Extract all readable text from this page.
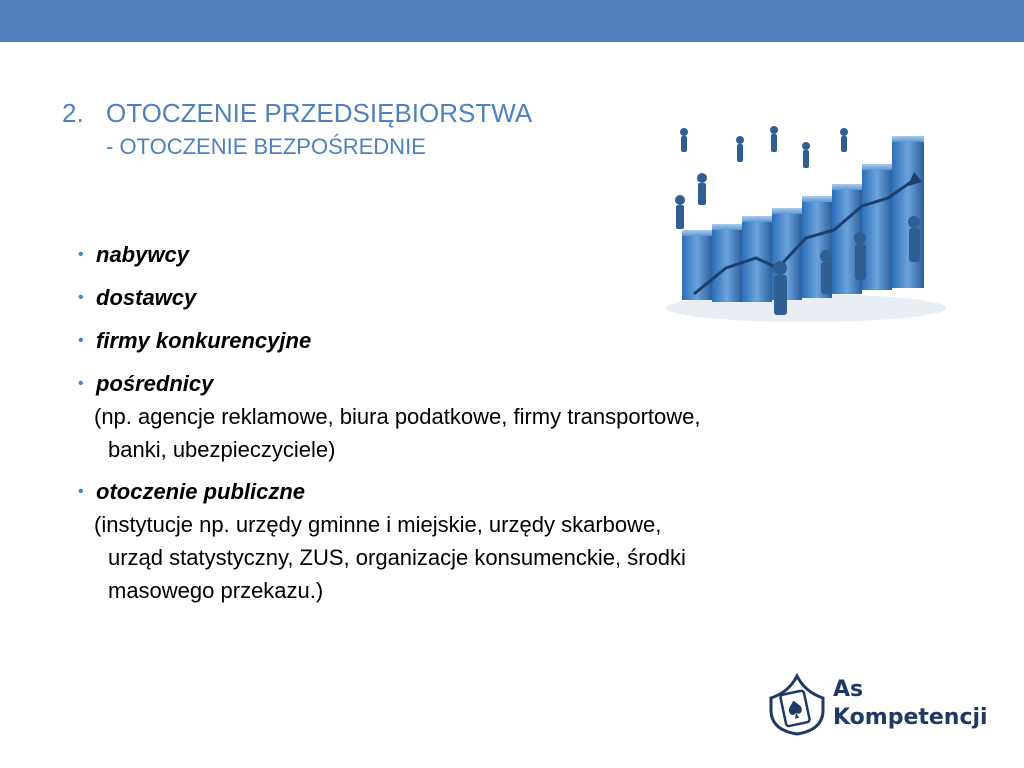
2. OTOCZENIE PRZEDSIĘBIORSTWA
- OTOCZENIE BEZPOŚREDNIE
• nabywcy
• dostawcy
• firmy konkurencyjne
• pośrednicy
(np. agencje reklamowe, biura podatkowe, firmy transportowe,
banki, ubezpieczyciele)
• otoczenie publiczne
(instytucje np. urzędy gminne i miejskie, urzędy skarbowe,
urząd statystyczny, ZUS, organizacje konsumenckie, środki
masowego przekazu.)
As
Kompetencji
